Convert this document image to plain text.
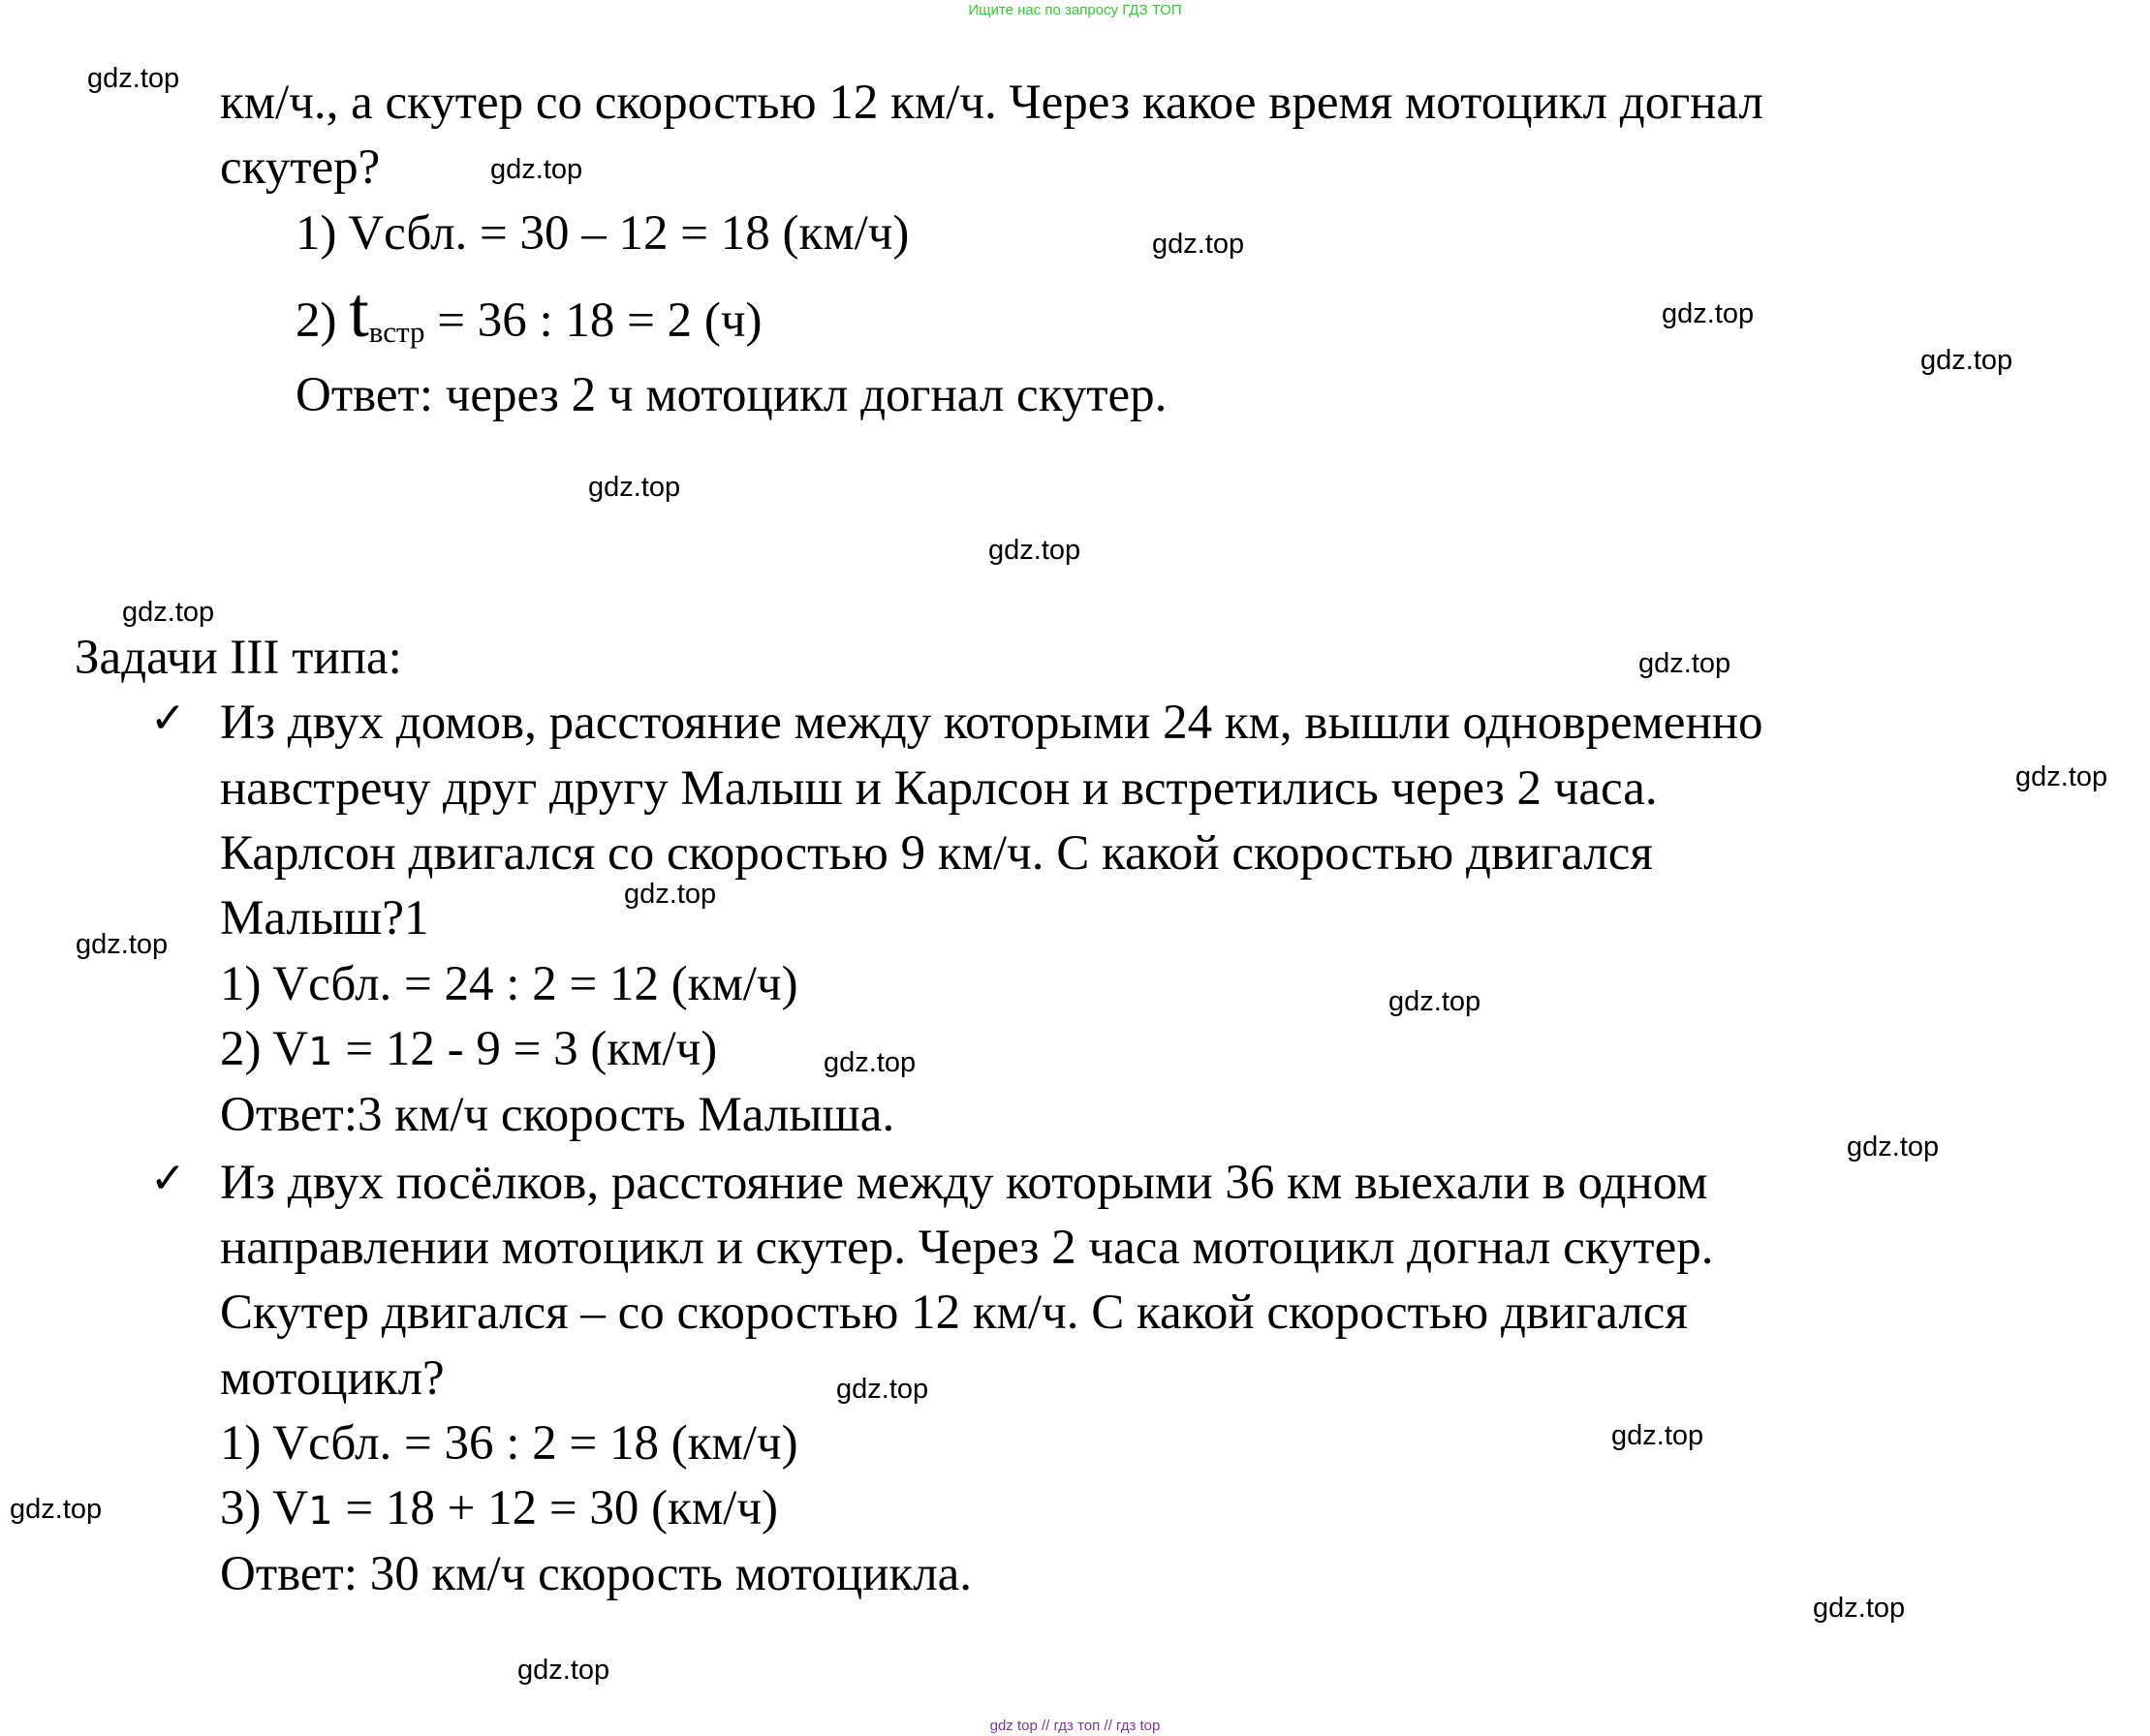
Ищите нас по запросу ГДЗ ТОП
км/ч., а скутер со скоростью 12 км/ч. Через какое время мотоцикл догнал
скутер?
1) Vсбл. = 30 – 12 = 18 (км/ч)
2) tвстр = 36 : 18 = 2 (ч)
Ответ: через 2 ч мотоцикл догнал скутер.
Задачи III типа:
✓ Из двух домов, расстояние между которыми 24 км, вышли одновременно
навстречу друг другу Малыш и Карлсон и встретились через 2 часа.
Карлсон двигался со скоростью 9 км/ч. С какой скоростью двигался
Малыш?1
1) Vсбл. = 24 : 2 = 12 (км/ч)
2) V1 = 12 - 9 = 3 (км/ч)
Ответ:3 км/ч скорость Малыша.
✓ Из двух посёлков, расстояние между которыми 36 км выехали в одном
направлении мотоцикл и скутер. Через 2 часа мотоцикл догнал скутер.
Скутер двигался – со скоростью 12 км/ч. С какой скоростью двигался
мотоцикл?
1) Vсбл. = 36 : 2 = 18 (км/ч)
3) V1 = 18 + 12 = 30 (км/ч)
Ответ: 30 км/ч скорость мотоцикла.
gdz.top
gdz.top
gdz.top
gdz.top
gdz.top
gdz.top
gdz.top
gdz.top
gdz.top
gdz.top
gdz.top
gdz.top
gdz.top
gdz.top
gdz.top
gdz.top
gdz.top
gdz.top
gdz.top
gdz.top
gdz top // гдз топ // гдз top
